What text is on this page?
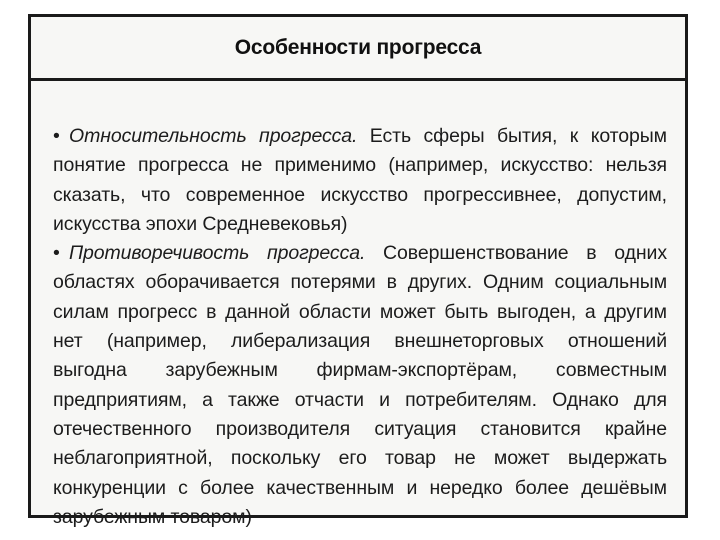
Особенности прогресса

• Относительность прогресса. Есть сферы бытия, к которым понятие прогресса не применимо (например, искусство: нельзя сказать, что современное искусство прогрессивнее, допустим, искусства эпохи Средневековья)

• Противоречивость прогресса. Совершенствование в одних областях оборачивается потерями в других. Одним социальным силам прогресс в данной области может быть выгоден, а другим нет (например, либерализация внешнеторговых отношений выгодна зарубежным фирмам-экспортёрам, совместным предприятиям, а также отчасти и потребителям. Однако для отечественного производителя ситуация становится крайне неблагоприятной, поскольку его товар не может выдержать конкуренции с более качественным и нередко более дешёвым зарубежным товаром)
